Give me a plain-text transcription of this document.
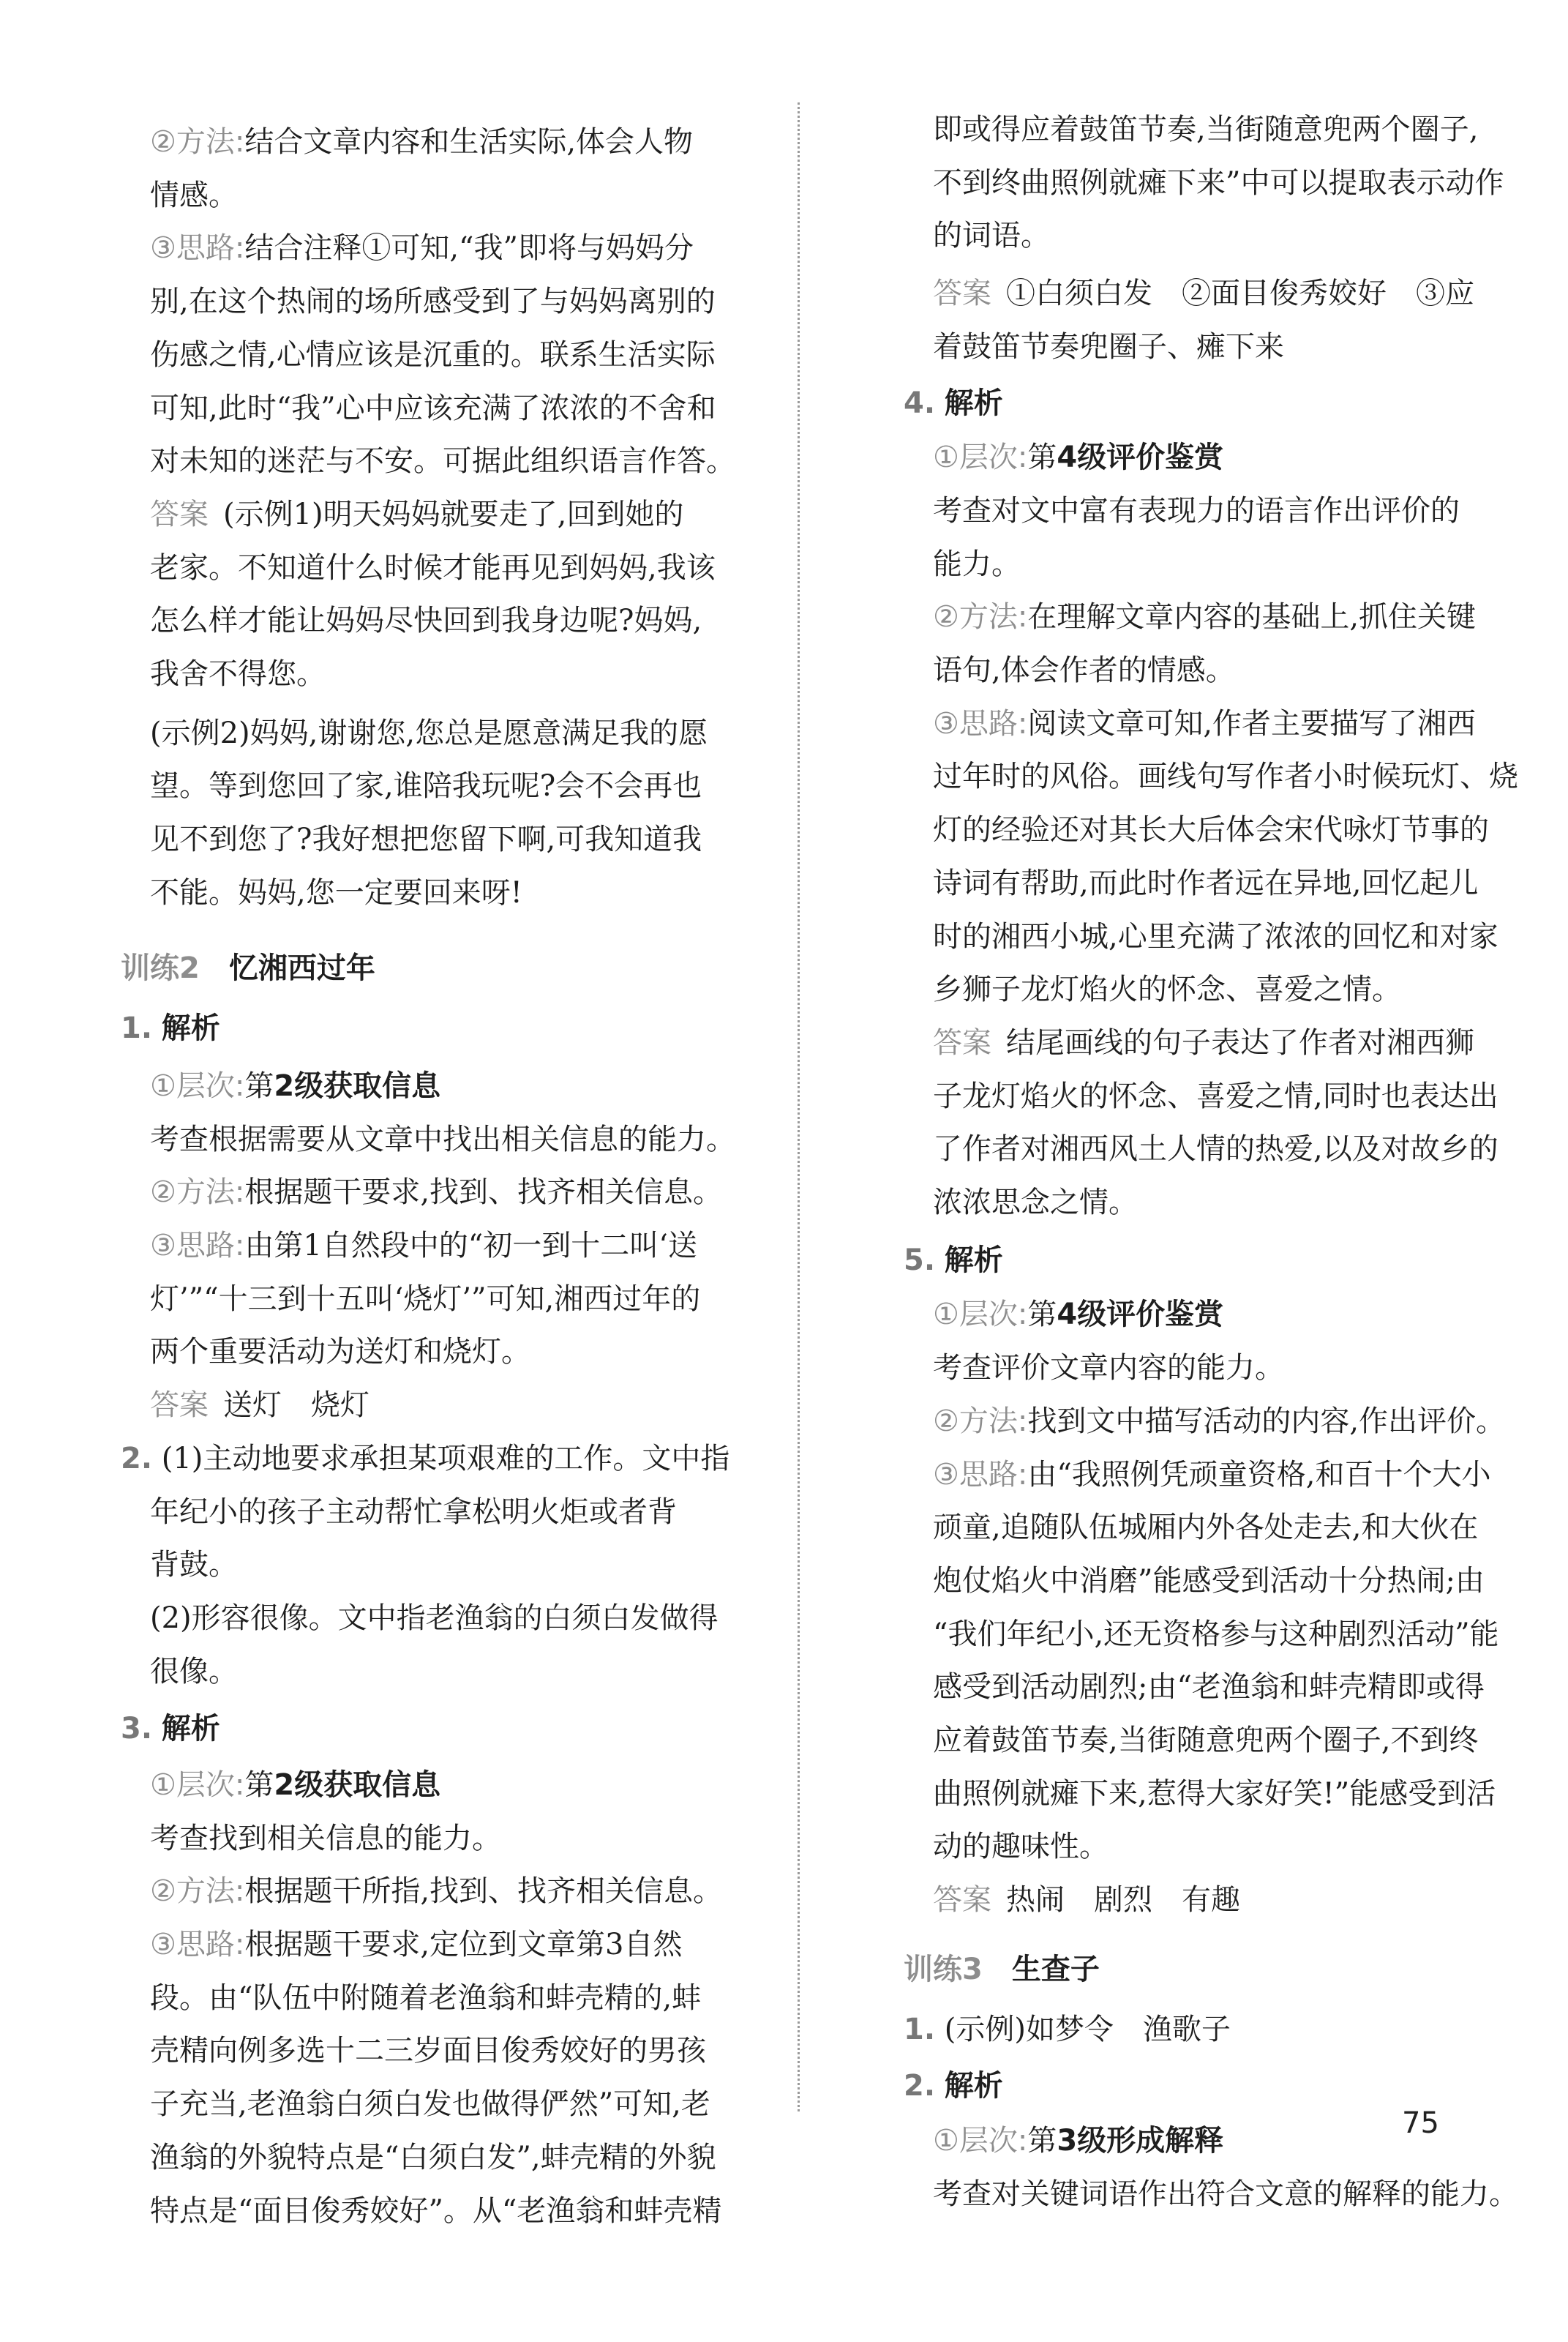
②方法:结合文章内容和生活实际,体会人物
情感。
③思路:结合注释①可知,“我”即将与妈妈分
别,在这个热闹的场所感受到了与妈妈离别的
伤感之情,心情应该是沉重的。联系生活实际
可知,此时“我”心中应该充满了浓浓的不舍和
对未知的迷茫与不安。可据此组织语言作答。
答案  (示例1)明天妈妈就要走了,回到她的
老家。不知道什么时候才能再见到妈妈,我该
怎么样才能让妈妈尽快回到我身边呢?妈妈,
我舍不得您。
(示例2)妈妈,谢谢您,您总是愿意满足我的愿
望。等到您回了家,谁陪我玩呢?会不会再也
见不到您了?我好想把您留下啊,可我知道我
不能。妈妈,您一定要回来呀!
训练2  忆湘西过年
1. 解析
①层次:第2级获取信息
考查根据需要从文章中找出相关信息的能力。
②方法:根据题干要求,找到、找齐相关信息。
③思路:由第1自然段中的“初一到十二叫‘送
灯’”“十三到十五叫‘烧灯’”可知,湘西过年的
两个重要活动为送灯和烧灯。
答案  送灯　烧灯
2. (1)主动地要求承担某项艰难的工作。文中指
年纪小的孩子主动帮忙拿松明火炬或者背
背鼓。
(2)形容很像。文中指老渔翁的白须白发做得
很像。
3. 解析
①层次:第2级获取信息
考查找到相关信息的能力。
②方法:根据题干所指,找到、找齐相关信息。
③思路:根据题干要求,定位到文章第3自然
段。由“队伍中附随着老渔翁和蚌壳精的,蚌
壳精向例多选十二三岁面目俊秀姣好的男孩
子充当,老渔翁白须白发也做得俨然”可知,老
渔翁的外貌特点是“白须白发”,蚌壳精的外貌
特点是“面目俊秀姣好”。从“老渔翁和蚌壳精
即或得应着鼓笛节奏,当街随意兜两个圈子,
不到终曲照例就瘫下来”中可以提取表示动作
的词语。
答案  ①白须白发　②面目俊秀姣好　③应
着鼓笛节奏兜圈子、瘫下来
4. 解析
①层次:第4级评价鉴赏
考查对文中富有表现力的语言作出评价的
能力。
②方法:在理解文章内容的基础上,抓住关键
语句,体会作者的情感。
③思路:阅读文章可知,作者主要描写了湘西
过年时的风俗。画线句写作者小时候玩灯、烧
灯的经验还对其长大后体会宋代咏灯节事的
诗词有帮助,而此时作者远在异地,回忆起儿
时的湘西小城,心里充满了浓浓的回忆和对家
乡狮子龙灯焰火的怀念、喜爱之情。
答案  结尾画线的句子表达了作者对湘西狮
子龙灯焰火的怀念、喜爱之情,同时也表达出
了作者对湘西风土人情的热爱,以及对故乡的
浓浓思念之情。
5. 解析
①层次:第4级评价鉴赏
考查评价文章内容的能力。
②方法:找到文中描写活动的内容,作出评价。
③思路:由“我照例凭顽童资格,和百十个大小
顽童,追随队伍城厢内外各处走去,和大伙在
炮仗焰火中消磨”能感受到活动十分热闹;由
“我们年纪小,还无资格参与这种剧烈活动”能
感受到活动剧烈;由“老渔翁和蚌壳精即或得
应着鼓笛节奏,当街随意兜两个圈子,不到终
曲照例就瘫下来,惹得大家好笑!”能感受到活
动的趣味性。
答案  热闹　剧烈　有趣
训练3  生查子
1. (示例)如梦令　渔歌子
2. 解析
①层次:第3级形成解释
考查对关键词语作出符合文意的解释的能力。
75
